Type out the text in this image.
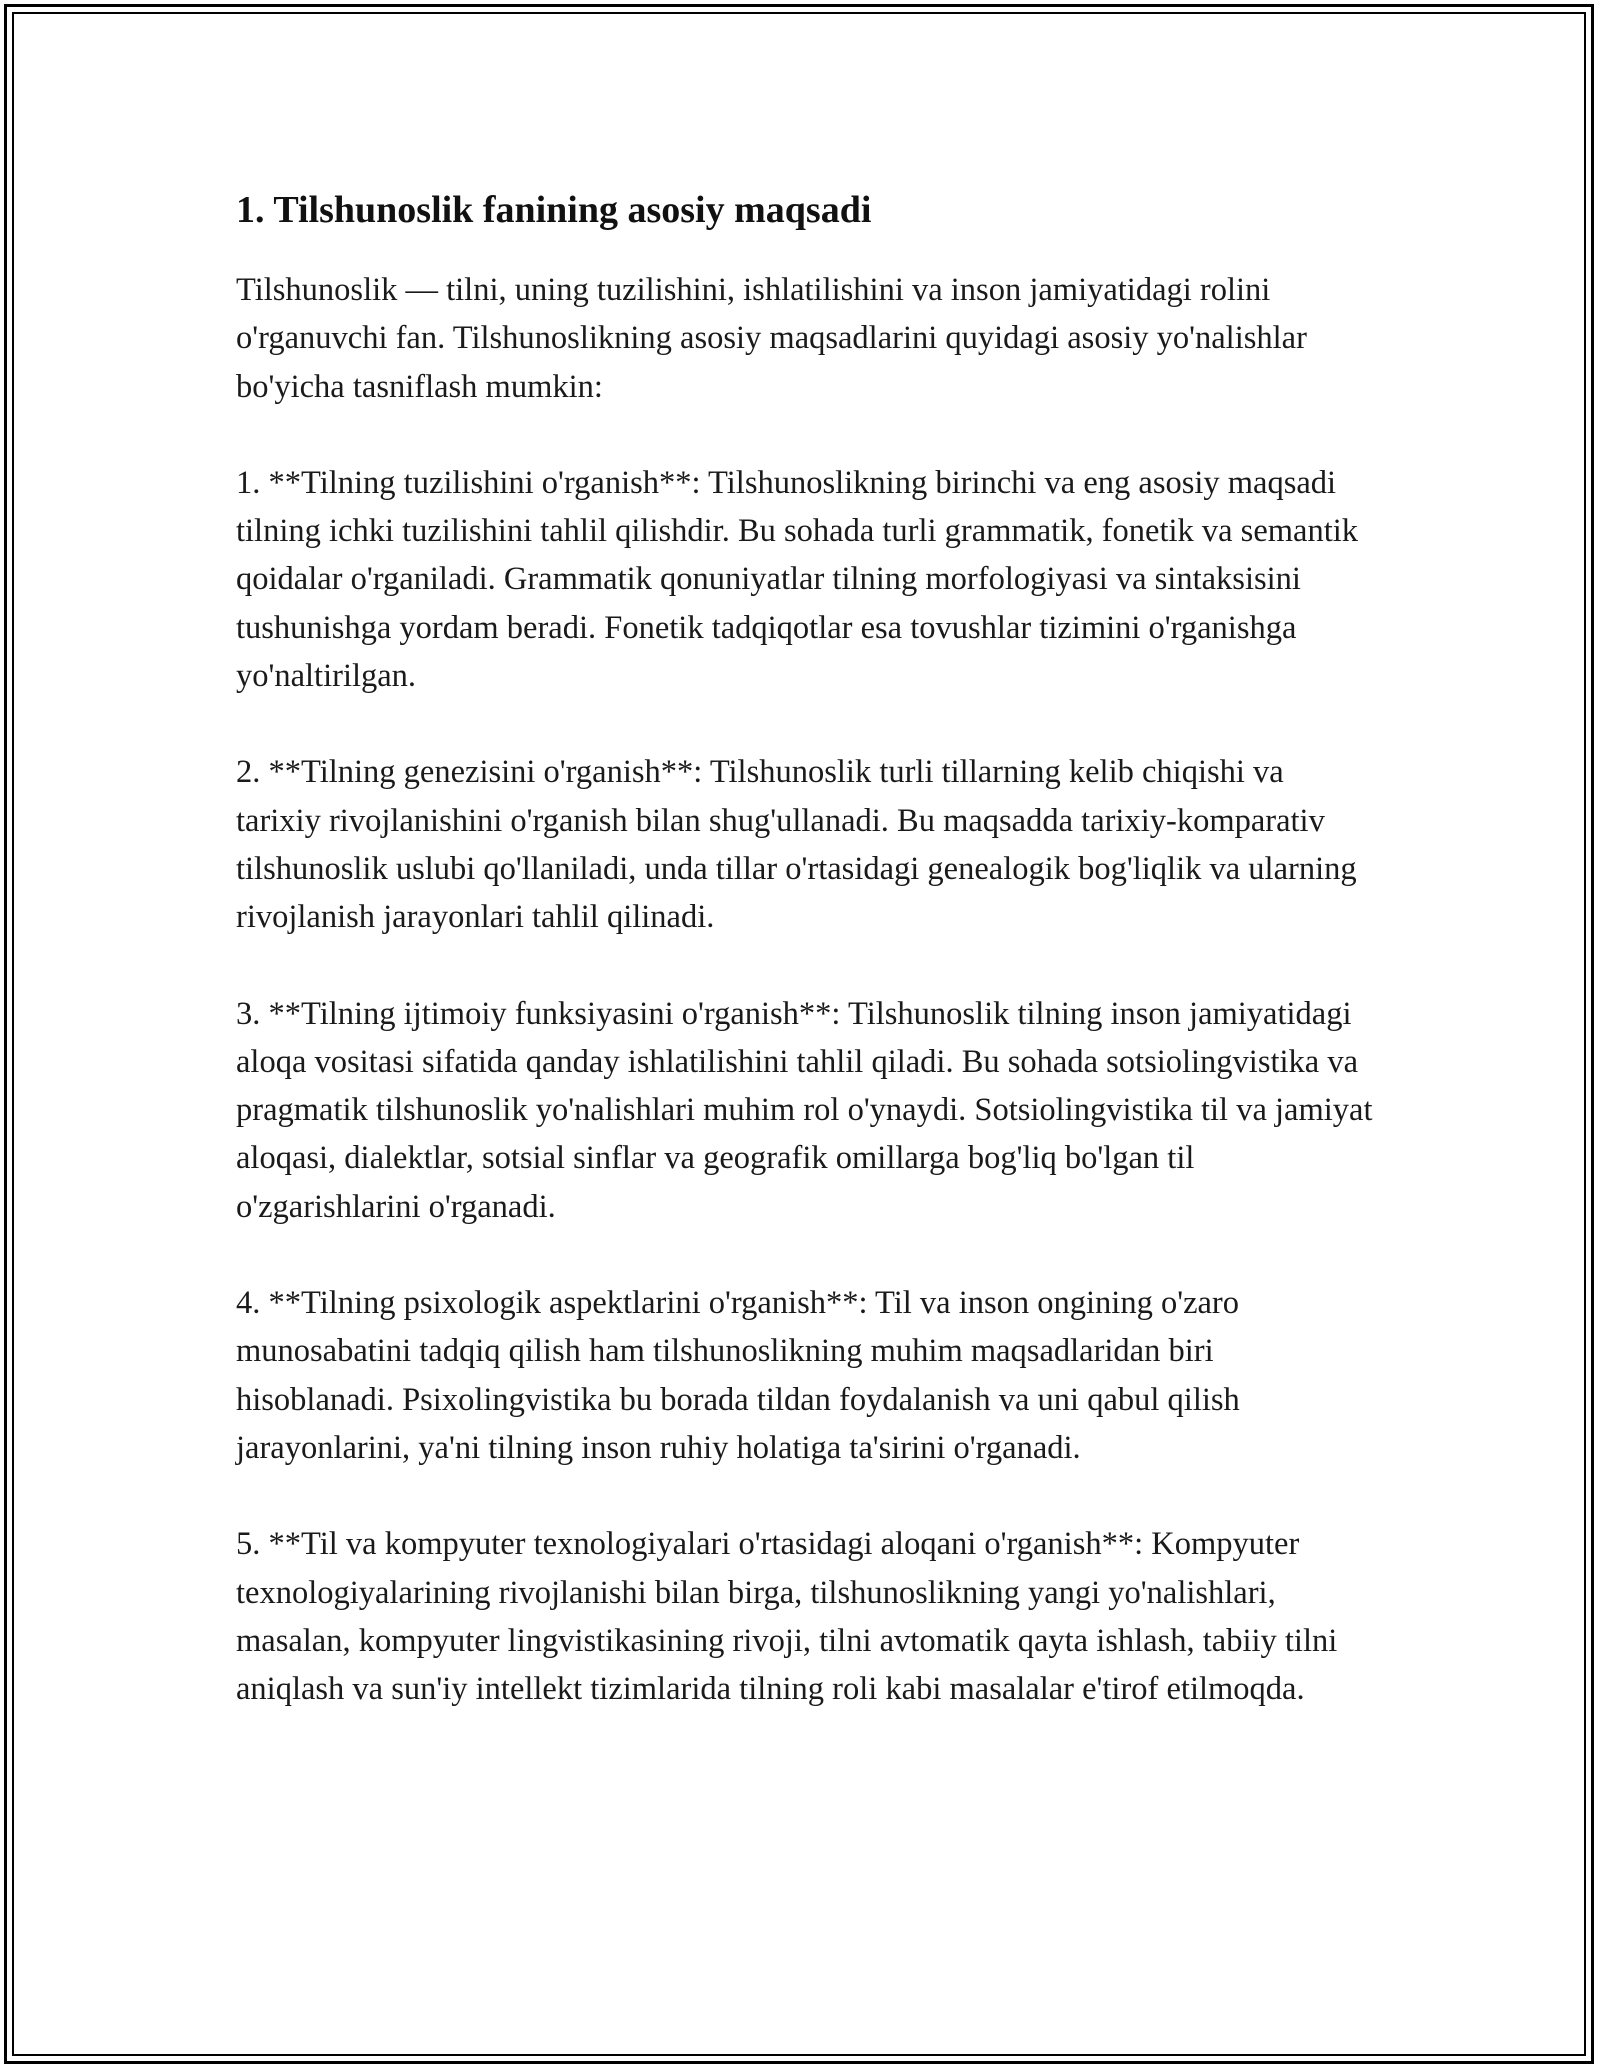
1. Tilshunoslik fanining asosiy maqsadi

Tilshunoslik — tilni, uning tuzilishini, ishlatilishini va inson jamiyatidagi rolini o'rganuvchi fan. Tilshunoslikning asosiy maqsadlarini quyidagi asosiy yo'nalishlar bo'yicha tasniflash mumkin:

1. **Tilning tuzilishini o'rganish**: Tilshunoslikning birinchi va eng asosiy maqsadi tilning ichki tuzilishini tahlil qilishdir. Bu sohada turli grammatik, fonetik va semantik qoidalar o'rganiladi. Grammatik qonuniyatlar tilning morfologiyasi va sintaksisini tushunishga yordam beradi. Fonetik tadqiqotlar esa tovushlar tizimini o'rganishga yo'naltirilgan.

2. **Tilning genezisini o'rganish**: Tilshunoslik turli tillarning kelib chiqishi va tarixiy rivojlanishini o'rganish bilan shug'ullanadi. Bu maqsadda tarixiy-komparativ tilshunoslik uslubi qo'llaniladi, unda tillar o'rtasidagi genealogik bog'liqlik va ularning rivojlanish jarayonlari tahlil qilinadi.

3. **Tilning ijtimoiy funksiyasini o'rganish**: Tilshunoslik tilning inson jamiyatidagi aloqa vositasi sifatida qanday ishlatilishini tahlil qiladi. Bu sohada sotsiolingvistika va pragmatik tilshunoslik yo'nalishlari muhim rol o'ynaydi. Sotsiolingvistika til va jamiyat aloqasi, dialektlar, sotsial sinflar va geografik omillarga bog'liq bo'lgan til o'zgarishlarini o'rganadi.

4. **Tilning psixologik aspektlarini o'rganish**: Til va inson ongining o'zaro munosabatini tadqiq qilish ham tilshunoslikning muhim maqsadlaridan biri hisoblanadi. Psixolingvistika bu borada tildan foydalanish va uni qabul qilish jarayonlarini, ya'ni tilning inson ruhiy holatiga ta'sirini o'rganadi.

5. **Til va kompyuter texnologiyalari o'rtasidagi aloqani o'rganish**: Kompyuter texnologiyalarining rivojlanishi bilan birga, tilshunoslikning yangi yo'nalishlari, masalan, kompyuter lingvistikasining rivoji, tilni avtomatik qayta ishlash, tabiiy tilni aniqlash va sun'iy intellekt tizimlarida tilning roli kabi masalalar e'tirof etilmoqda.
